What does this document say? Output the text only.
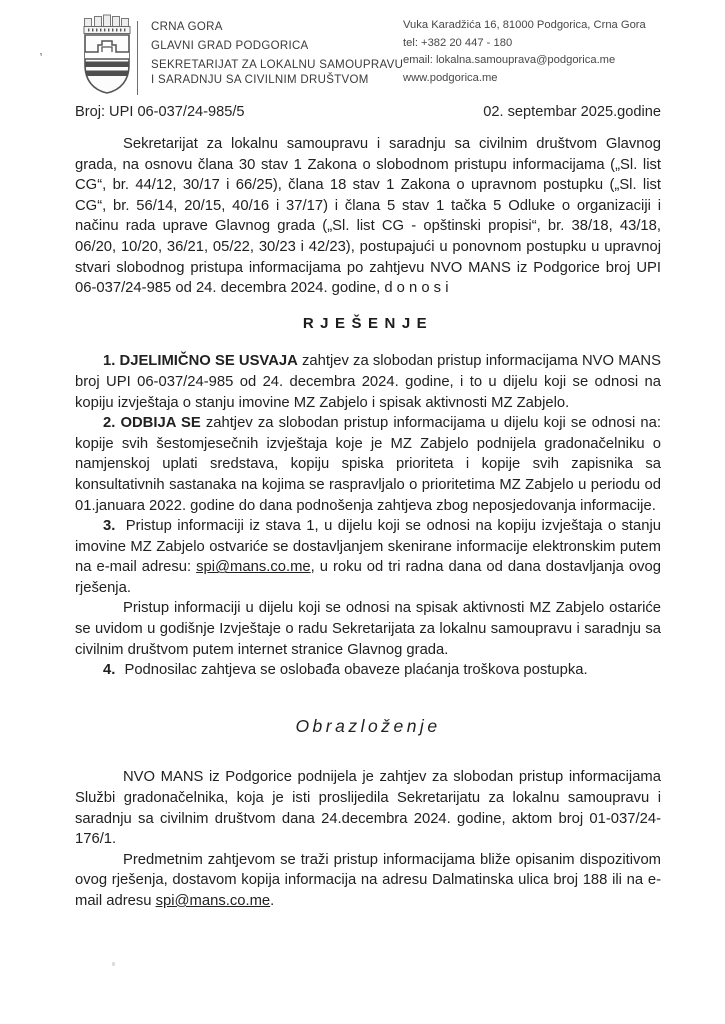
’
CRNA GORA
GLAVNI GRAD PODGORICA
SEKRETARIJAT ZA LOKALNU SAMOUPRAVU
I SARADNJU SA CIVILNIM DRUŠTVOM
Vuka Karadžića 16, 81000 Podgorica, Crna Gora
tel: +382 20 447 - 180
email: lokalna.samouprava@podgorica.me
www.podgorica.me
Broj: UPI 06-037/24-985/5	02. septembar 2025.godine

Sekretarijat za lokalnu samoupravu i saradnju sa civilnim društvom Glavnog grada, na osnovu člana 30 stav 1 Zakona o slobodnom pristupu informacijama („Sl. list CG“, br. 44/12, 30/17 i 66/25), člana 18 stav 1 Zakona o upravnom postupku („Sl. list CG“, br. 56/14, 20/15, 40/16 i 37/17) i člana 5 stav 1 tačka 5 Odluke o organizaciji i načinu rada uprave Glavnog grada („Sl. list CG - opštinski propisi“, br. 38/18, 43/18, 06/20, 10/20, 36/21, 05/22, 30/23 i 42/23), postupajući u ponovnom postupku u upravnoj stvari slobodnog pristupa informacijama po zahtjevu NVO MANS iz Podgorice broj UPI 06-037/24-985 od 24. decembra 2024. godine, d o n o s i

RJEŠENJE

1. DJELIMIČNO SE USVAJA zahtjev za slobodan pristup informacijama NVO MANS broj UPI 06-037/24-985 od 24. decembra 2024. godine, i to u dijelu koji se odnosi na kopiju izvještaja o stanju imovine MZ Zabjelo i spisak aktivnosti MZ Zabjelo.

2. ODBIJA SE zahtjev za slobodan pristup informacijama u dijelu koji se odnosi na: kopije svih šestomjesečnih izvještaja koje je MZ Zabjelo podnijela gradonačelniku o namjenskoj uplati sredstava, kopiju spiska prioriteta i kopije svih zapisnika sa konsultativnih sastanaka na kojima se raspravljalo o prioritetima MZ Zabjelo u periodu od 01.januara 2022. godine do dana podnošenja zahtjeva zbog neposjedovanja informacije.

3. Pristup informaciji iz stava 1, u dijelu koji se odnosi na kopiju izvještaja o stanju imovine MZ Zabjelo ostvariće se dostavljanjem skenirane informacije elektronskim putem na e-mail adresu: spi@mans.co.me, u roku od tri radna dana od dana dostavljanja ovog rješenja.

Pristup informaciji u dijelu koji se odnosi na spisak aktivnosti MZ Zabjelo ostariće se uvidom u godišnje Izvještaje o radu Sekretarijata za lokalnu samoupravu i saradnju sa civilnim društvom putem internet stranice Glavnog grada.

4. Podnosilac zahtjeva se oslobađa obaveze plaćanja troškova postupka.

Obrazloženje

NVO MANS iz Podgorice podnijela je zahtjev za slobodan pristup informacijama Službi gradonačelnika, koja je isti proslijedila Sekretarijatu za lokalnu samoupravu i saradnju sa civilnim društvom dana 24.decembra 2024. godine, aktom broj 01-037/24-176/1.

Predmetnim zahtjevom se traži pristup informacijama bliže opisanim dispozitivom ovog rješenja, dostavom kopija informacija na adresu Dalmatinska ulica broj 188 ili na e-mail adresu spi@mans.co.me.
